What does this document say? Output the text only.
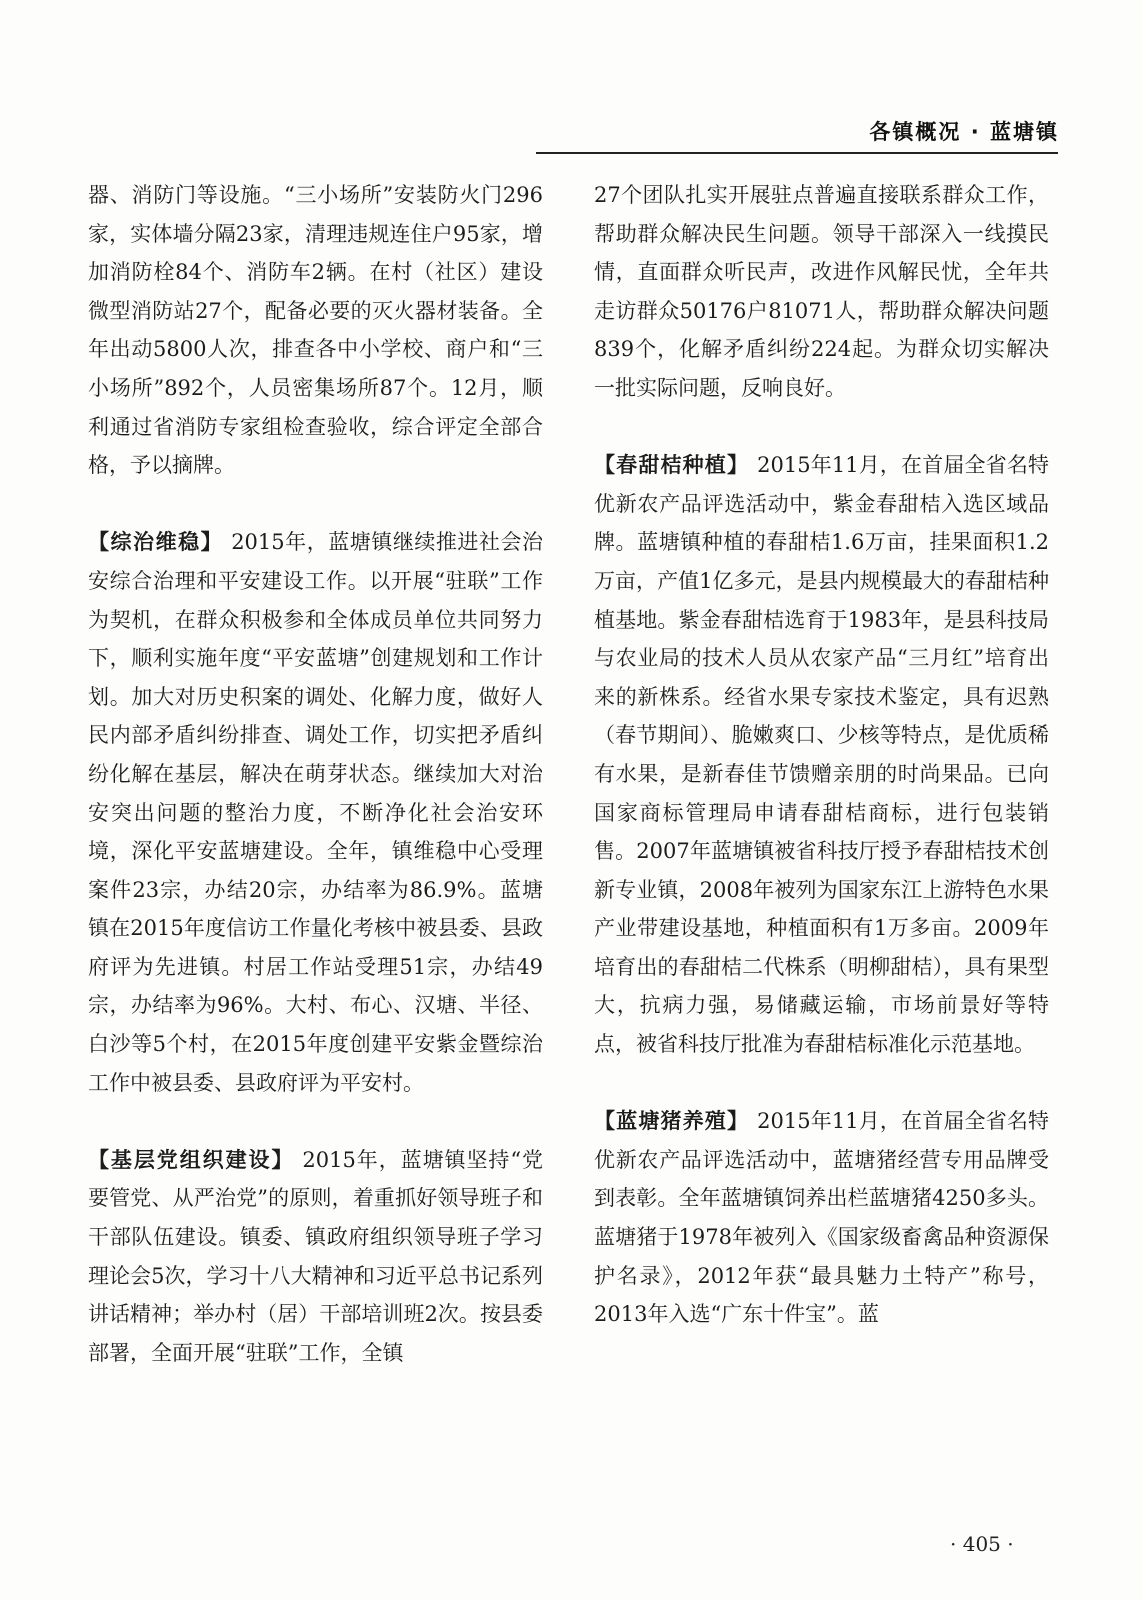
各镇概况 · 蓝塘镇

器、消防门等设施。“三小场所”安装防火门296家，实体墙分隔23家，清理违规连住户95家，增加消防栓84个、消防车2辆。在村（社区）建设微型消防站27个，配备必要的灭火器材装备。全年出动5800人次，排查各中小学校、商户和“三小场所”892个，人员密集场所87个。12月，顺利通过省消防专家组检查验收，综合评定全部合格，予以摘牌。

【综治维稳】 2015年，蓝塘镇继续推进社会治安综合治理和平安建设工作。以开展“驻联”工作为契机，在群众积极参和全体成员单位共同努力下，顺利实施年度“平安蓝塘”创建规划和工作计划。加大对历史积案的调处、化解力度，做好人民内部矛盾纠纷排查、调处工作，切实把矛盾纠纷化解在基层，解决在萌芽状态。继续加大对治安突出问题的整治力度，不断净化社会治安环境，深化平安蓝塘建设。全年，镇维稳中心受理案件23宗，办结20宗，办结率为86.9%。蓝塘镇在2015年度信访工作量化考核中被县委、县政府评为先进镇。村居工作站受理51宗，办结49宗，办结率为96%。大村、布心、汉塘、半径、白沙等5个村，在2015年度创建平安紫金暨综治工作中被县委、县政府评为平安村。

【基层党组织建设】 2015年，蓝塘镇坚持“党要管党、从严治党”的原则，着重抓好领导班子和干部队伍建设。镇委、镇政府组织领导班子学习理论会5次，学习十八大精神和习近平总书记系列讲话精神；举办村（居）干部培训班2次。按县委部署，全面开展“驻联”工作，全镇

27个团队扎实开展驻点普遍直接联系群众工作，帮助群众解决民生问题。领导干部深入一线摸民情，直面群众听民声，改进作风解民忧，全年共走访群众50176户81071人，帮助群众解决问题839个，化解矛盾纠纷224起。为群众切实解决一批实际问题，反响良好。

【春甜桔种植】 2015年11月，在首届全省名特优新农产品评选活动中，紫金春甜桔入选区域品牌。蓝塘镇种植的春甜桔1.6万亩，挂果面积1.2万亩，产值1亿多元，是县内规模最大的春甜桔种植基地。紫金春甜桔选育于1983年，是县科技局与农业局的技术人员从农家产品“三月红”培育出来的新株系。经省水果专家技术鉴定，具有迟熟（春节期间）、脆嫩爽口、少核等特点，是优质稀有水果，是新春佳节馈赠亲朋的时尚果品。已向国家商标管理局申请春甜桔商标，进行包装销售。2007年蓝塘镇被省科技厅授予春甜桔技术创新专业镇，2008年被列为国家东江上游特色水果产业带建设基地，种植面积有1万多亩。2009年培育出的春甜桔二代株系（明柳甜桔），具有果型大，抗病力强，易储藏运输，市场前景好等特点，被省科技厅批准为春甜桔标准化示范基地。

【蓝塘猪养殖】 2015年11月，在首届全省名特优新农产品评选活动中，蓝塘猪经营专用品牌受到表彰。全年蓝塘镇饲养出栏蓝塘猪4250多头。蓝塘猪于1978年被列入《国家级畜禽品种资源保护名录》，2012年获“最具魅力土特产”称号，2013年入选“广东十件宝”。蓝

· 405 ·
